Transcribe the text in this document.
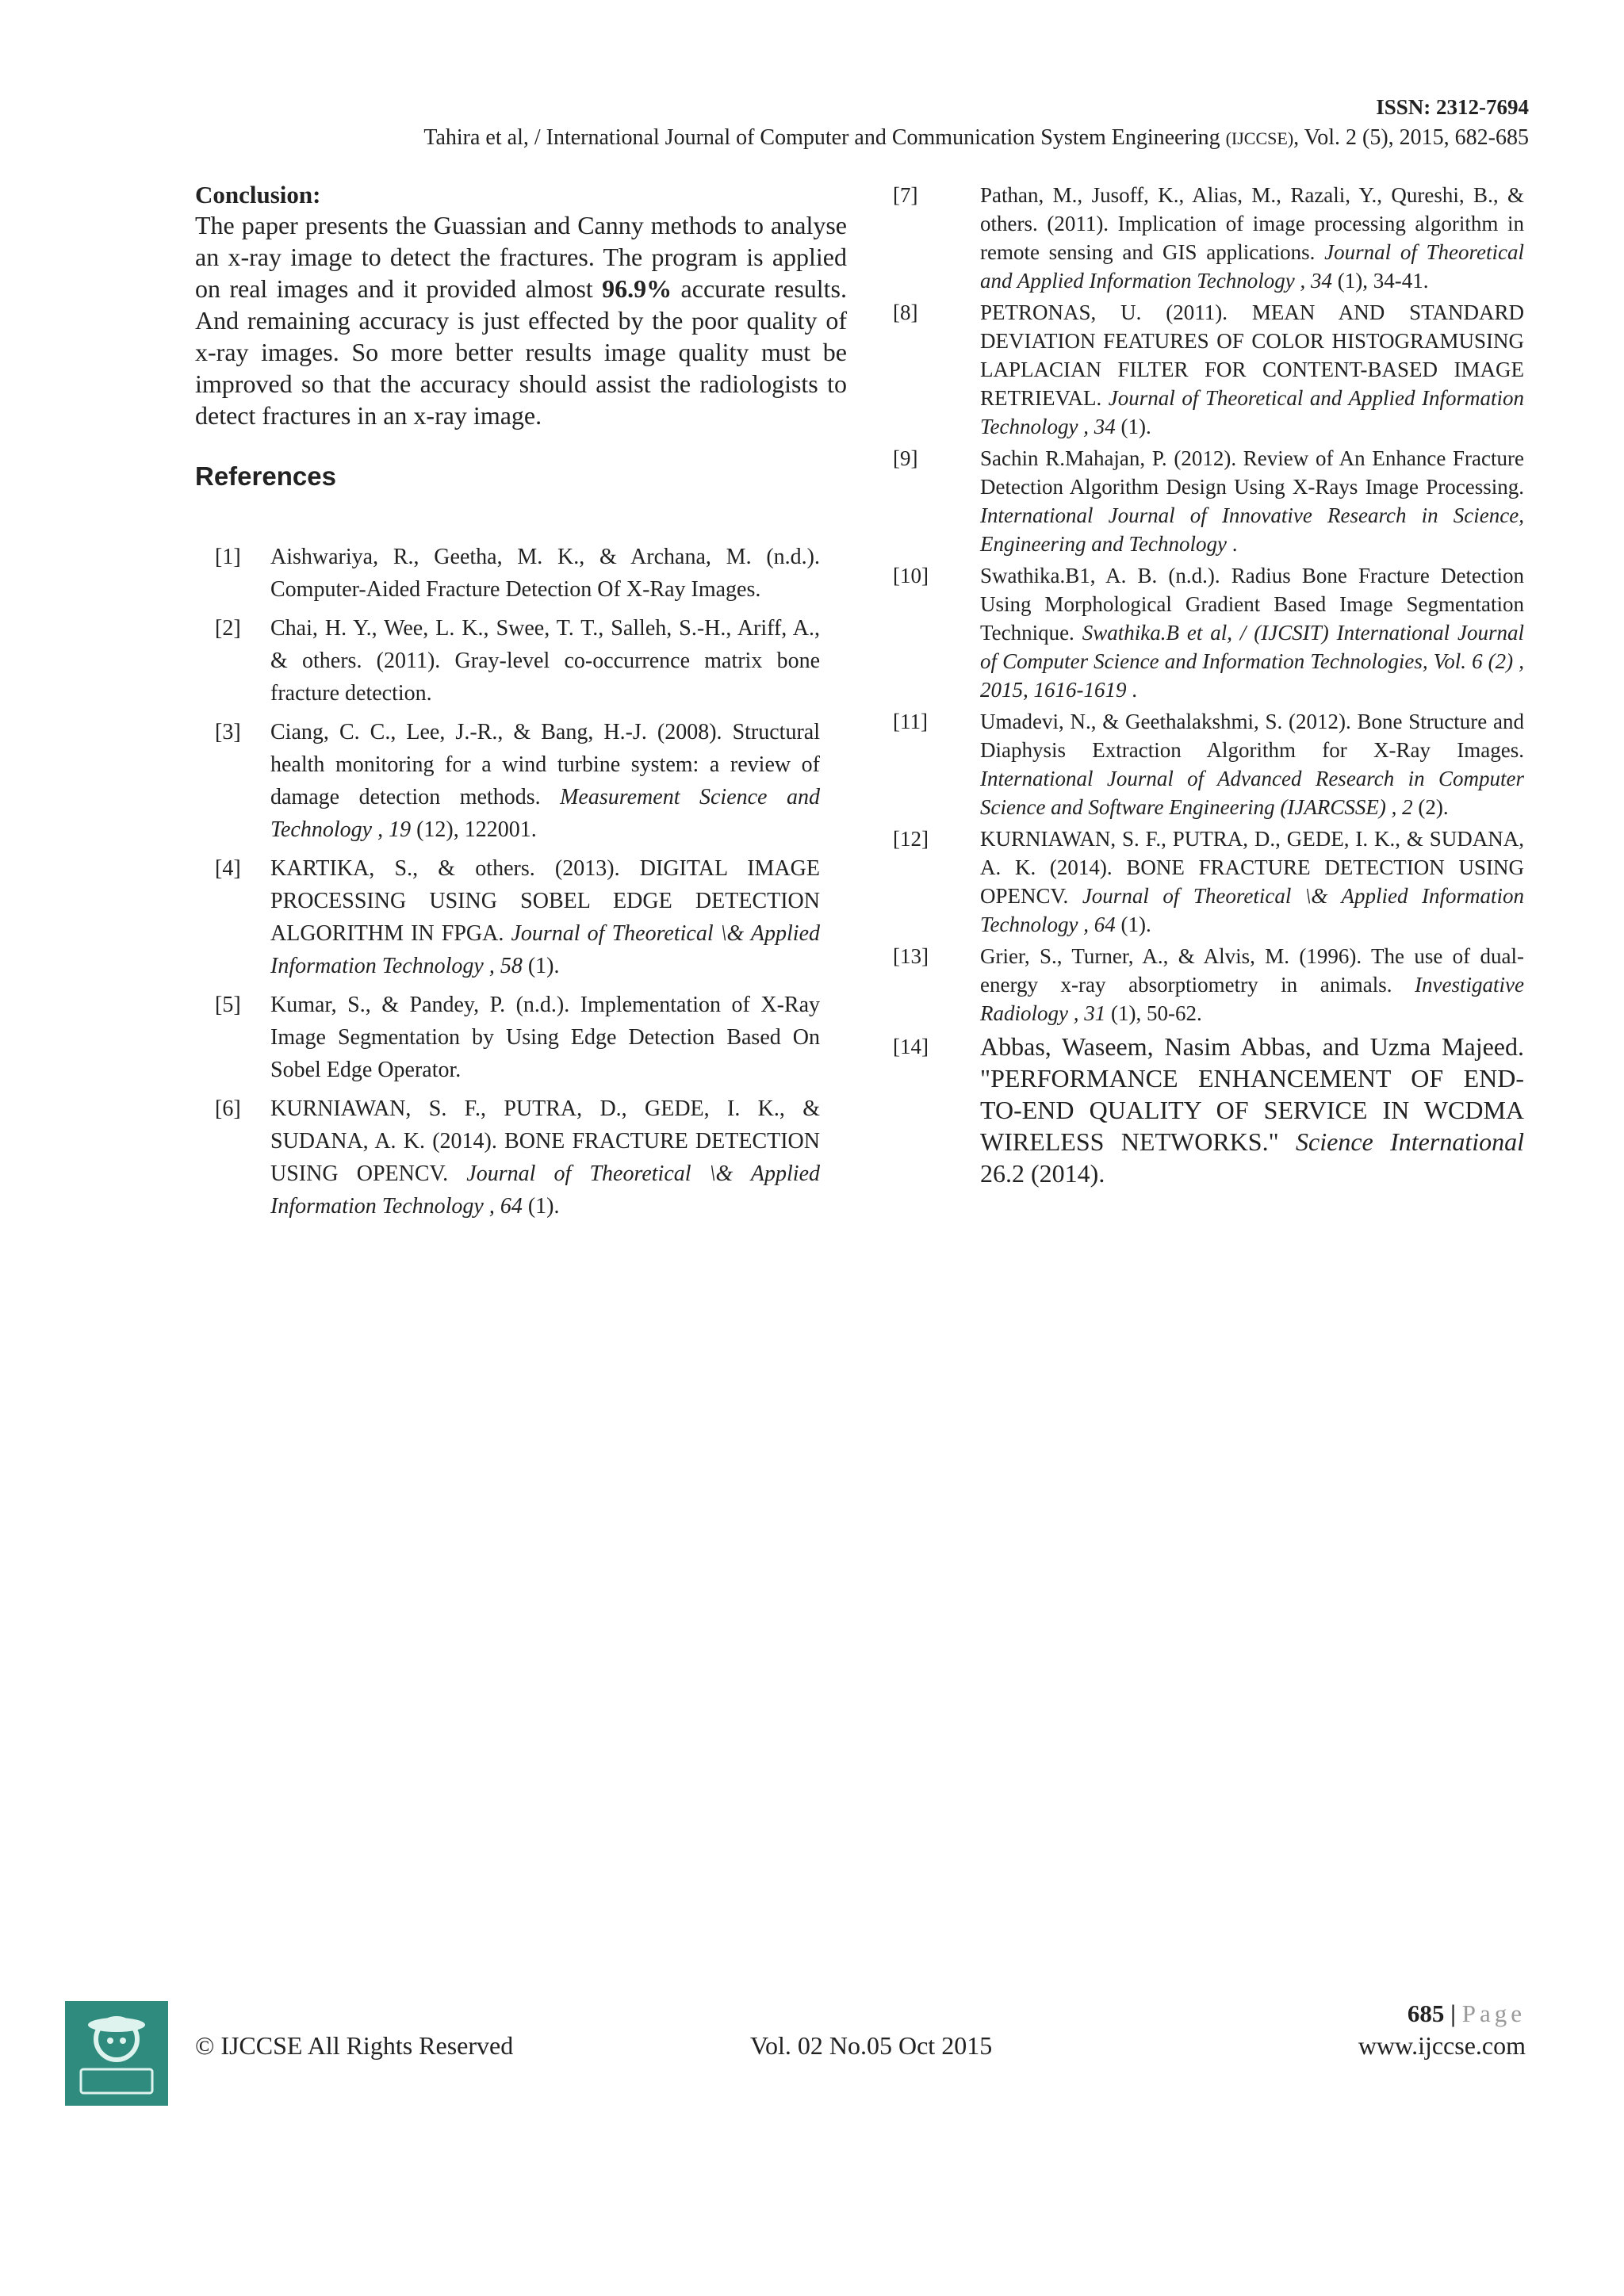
ISSN: 2312-7694
Tahira et al, / International Journal of Computer and Communication System Engineering (IJCCSE), Vol. 2 (5), 2015, 682-685
Conclusion:

The paper presents the Guassian and Canny methods to analyse an x-ray image to detect the fractures. The program is applied on real images and it provided almost 96.9% accurate results. And remaining accuracy is just effected by the poor quality of x-ray images. So more better results image quality must be improved so that the accuracy should assist the radiologists to detect fractures in an x-ray image.

References
[1]	Aishwariya, R., Geetha, M. K., & Archana, M. (n.d.). Computer-Aided Fracture Detection Of X-Ray Images.
[2]	Chai, H. Y., Wee, L. K., Swee, T. T., Salleh, S.-H., Ariff, A., & others. (2011). Gray-level co-occurrence matrix bone fracture detection.
[3]	Ciang, C. C., Lee, J.-R., & Bang, H.-J. (2008). Structural health monitoring for a wind turbine system: a review of damage detection methods. Measurement Science and Technology , 19 (12), 122001.
[4]	KARTIKA, S., & others. (2013). DIGITAL IMAGE PROCESSING USING SOBEL EDGE DETECTION ALGORITHM IN FPGA. Journal of Theoretical \& Applied Information Technology , 58 (1).
[5]	Kumar, S., & Pandey, P. (n.d.). Implementation of X-Ray Image Segmentation by Using Edge Detection Based On Sobel Edge Operator.
[6]	KURNIAWAN, S. F., PUTRA, D., GEDE, I. K., & SUDANA, A. K. (2014). BONE FRACTURE DETECTION USING OPENCV. Journal of Theoretical \& Applied Information Technology , 64 (1).
[7]	Pathan, M., Jusoff, K., Alias, M., Razali, Y., Qureshi, B., & others. (2011). Implication of image processing algorithm in remote sensing and GIS applications. Journal of Theoretical and Applied Information Technology , 34 (1), 34-41.
[8]	PETRONAS, U. (2011). MEAN AND STANDARD DEVIATION FEATURES OF COLOR HISTOGRAMUSING LAPLACIAN FILTER FOR CONTENT-BASED IMAGE RETRIEVAL. Journal of Theoretical and Applied Information Technology , 34 (1).
[9]	Sachin R.Mahajan, P. (2012). Review of An Enhance Fracture Detection Algorithm Design Using X-Rays Image Processing. International Journal of Innovative Research in Science, Engineering and Technology .
[10]	Swathika.B1, A. B. (n.d.). Radius Bone Fracture Detection Using Morphological Gradient Based Image Segmentation Technique. Swathika.B et al, / (IJCSIT) International Journal of Computer Science and Information Technologies, Vol. 6 (2) , 2015, 1616-1619 .
[11]	Umadevi, N., & Geethalakshmi, S. (2012). Bone Structure and Diaphysis Extraction Algorithm for X-Ray Images. International Journal of Advanced Research in Computer Science and Software Engineering (IJARCSSE) , 2 (2).
[12]	KURNIAWAN, S. F., PUTRA, D., GEDE, I. K., & SUDANA, A. K. (2014). BONE FRACTURE DETECTION USING OPENCV. Journal of Theoretical \& Applied Information Technology , 64 (1).
[13]	Grier, S., Turner, A., & Alvis, M. (1996). The use of dual-energy x-ray absorptiometry in animals. Investigative Radiology , 31 (1), 50-62.
[14]	Abbas, Waseem, Nasim Abbas, and Uzma Majeed. "PERFORMANCE ENHANCEMENT OF END-TO-END QUALITY OF SERVICE IN WCDMA WIRELESS NETWORKS." Science International 26.2 (2014).
685 | Page
© IJCCSE All Rights Reserved	Vol. 02 No.05 Oct 2015	www.ijccse.com
